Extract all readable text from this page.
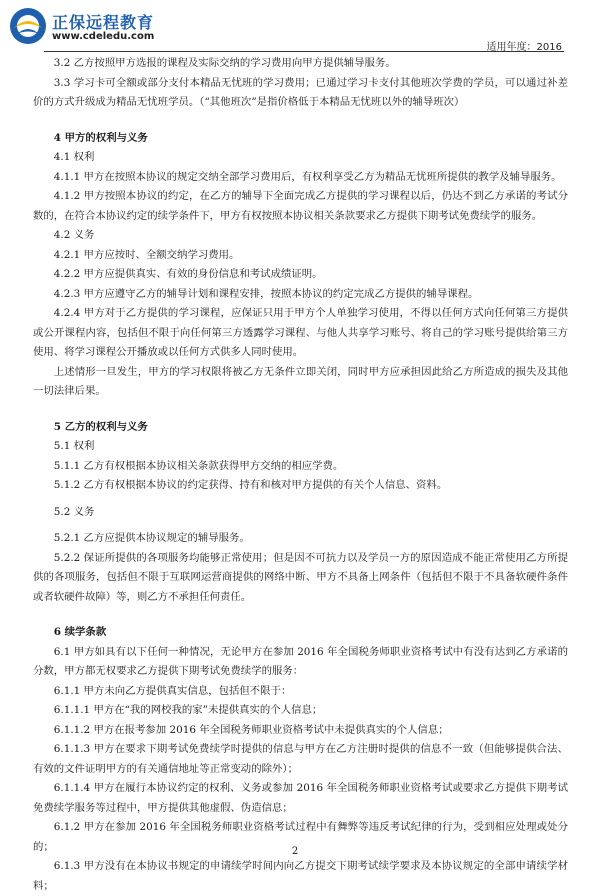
正保远程教育
www.cdeledu.com
适用年度：2016

3.2 乙方按照甲方选报的课程及实际交纳的学习费用向甲方提供辅导服务。

3.3 学习卡可全额或部分支付本精品无忧班的学习费用；已通过学习卡支付其他班次学费的学员，可以通过补差价的方式升级成为精品无忧班学员。（“其他班次”是指价格低于本精品无忧班以外的辅导班次）

4 甲方的权利与义务

4.1 权利

4.1.1 甲方在按照本协议的规定交纳全部学习费用后，有权利享受乙方为精品无忧班所提供的教学及辅导服务。

4.1.2 甲方按照本协议的约定，在乙方的辅导下全面完成乙方提供的学习课程以后，仍达不到乙方承诺的考试分数的，在符合本协议约定的续学条件下，甲方有权按照本协议相关条款要求乙方提供下期考试免费续学的服务。

4.2 义务

4.2.1 甲方应按时、全额交纳学习费用。

4.2.2 甲方应提供真实、有效的身份信息和考试成绩证明。

4.2.3 甲方应遵守乙方的辅导计划和课程安排，按照本协议的约定完成乙方提供的辅导课程。

4.2.4 甲方对于乙方提供的学习课程，应保证只用于甲方个人单独学习使用，不得以任何方式向任何第三方提供或公开课程内容，包括但不限于向任何第三方透露学习课程、与他人共享学习账号、将自己的学习账号提供给第三方使用、将学习课程公开播放或以任何方式供多人同时使用。

上述情形一旦发生，甲方的学习权限将被乙方无条件立即关闭，同时甲方应承担因此给乙方所造成的损失及其他一切法律后果。

5 乙方的权利与义务

5.1 权利

5.1.1 乙方有权根据本协议相关条款获得甲方交纳的相应学费。

5.1.2 乙方有权根据本协议的约定获得、持有和核对甲方提供的有关个人信息、资料。

5.2 义务

5.2.1 乙方应提供本协议规定的辅导服务。

5.2.2 保证所提供的各项服务均能够正常使用；但是因不可抗力以及学员一方的原因造成不能正常使用乙方所提供的各项服务，包括但不限于互联网运营商提供的网络中断、甲方不具备上网条件（包括但不限于不具备软硬件条件或者软硬件故障）等，则乙方不承担任何责任。

6 续学条款

6.1 甲方如具有以下任何一种情况，无论甲方在参加 2016 年全国税务师职业资格考试中有没有达到乙方承诺的分数，甲方都无权要求乙方提供下期考试免费续学的服务：

6.1.1 甲方未向乙方提供真实信息，包括但不限于：

6.1.1.1 甲方在“我的网校我的家”未提供真实的个人信息；

6.1.1.2 甲方在报考参加 2016 年全国税务师职业资格考试中未提供真实的个人信息；

6.1.1.3 甲方在要求下期考试免费续学时提供的信息与甲方在乙方注册时提供的信息不一致（但能够提供合法、有效的文件证明甲方的有关通信地址等正常变动的除外）；

6.1.1.4 甲方在履行本协议约定的权利、义务或参加 2016 年全国税务师职业资格考试或要求乙方提供下期考试免费续学服务等过程中，甲方提供其他虚假、伪造信息；

6.1.2 甲方在参加 2016 年全国税务师职业资格考试过程中有舞弊等违反考试纪律的行为，受到相应处理或处分的；

6.1.3 甲方没有在本协议书规定的申请续学时间内向乙方提交下期考试续学要求及本协议规定的全部申请续学材料；

2
